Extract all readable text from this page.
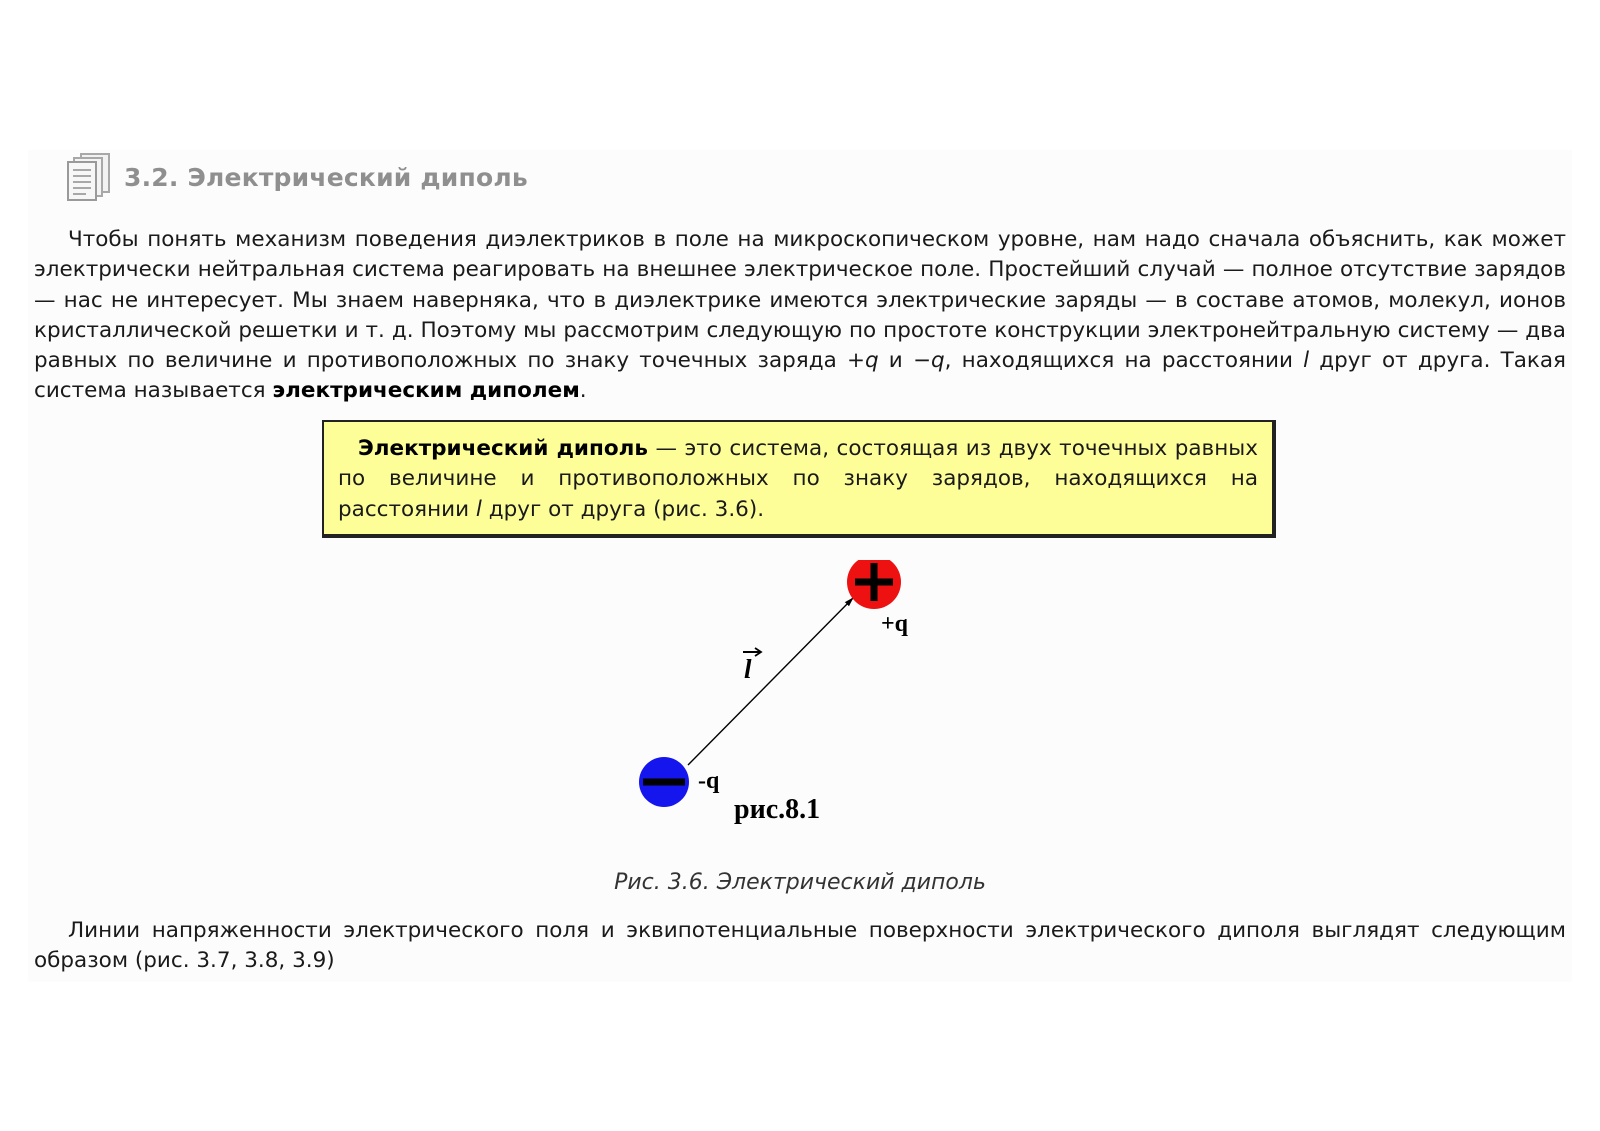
3.2. Электрический диполь

Чтобы понять механизм поведения диэлектриков в поле на микроскопическом уровне, нам надо сначала объяснить, как может электрически нейтральная система реагировать на внешнее электрическое поле. Простейший случай — полное отсутствие зарядов — нас не интересует. Мы знаем наверняка, что в диэлектрике имеются электрические заряды — в составе атомов, молекул, ионов кристаллической решетки и т. д. Поэтому мы рассмотрим следующую по простоте конструкции электронейтральную систему — два равных по величине и противоположных по знаку точечных заряда +q и −q, находящихся на расстоянии l друг от друга. Такая система называется электрическим диполем.

Электрический диполь — это система, состоящая из двух точечных равных по величине и противоположных по знаку зарядов, находящихся на расстоянии l друг от друга (рис. 3.6).

+q
-q
l
рис.8.1
Рис. 3.6. Электрический диполь

Линии напряженности электрического поля и эквипотенциальные поверхности электрического диполя выглядят следующим образом (рис. 3.7, 3.8, 3.9)
